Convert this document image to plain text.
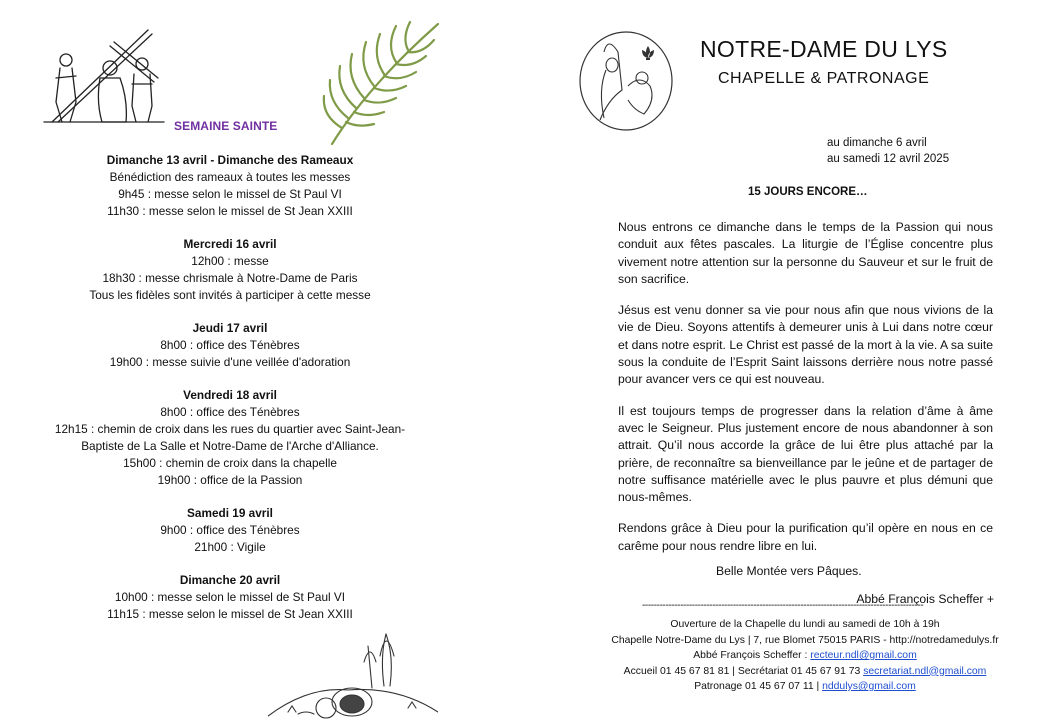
SEMAINE SAINTE
Dimanche 13 avril - Dimanche des Rameaux
Bénédiction des rameaux à toutes les messes
9h45 : messe selon le missel de St Paul VI
11h30 : messe selon le missel de St Jean XXIII
Mercredi 16 avril
12h00 : messe
18h30 : messe chrismale à Notre-Dame de Paris
Tous les fidèles sont invités à participer à cette messe
Jeudi 17 avril
8h00 : office des Ténèbres
19h00 : messe suivie d'une veillée d'adoration
Vendredi 18 avril
8h00 : office des Ténèbres
12h15 : chemin de croix dans les rues du quartier avec Saint-Jean-
Baptiste de La Salle et Notre-Dame de l'Arche d'Alliance.
15h00 : chemin de croix dans la chapelle
19h00 : office de la Passion
Samedi 19 avril
9h00 : office des Ténèbres
21h00 : Vigile
Dimanche 20 avril
10h00 : messe selon le missel de St Paul VI
11h15 : messe selon le missel de St Jean XXIII
NOTRE-DAME DU LYS
CHAPELLE & PATRONAGE
au dimanche 6 avril
au samedi 12 avril 2025
15 JOURS ENCORE…

Nous entrons ce dimanche dans le temps de la Passion qui nous conduit aux fêtes pascales. La liturgie de l’Église concentre plus vivement notre attention sur la personne du Sauveur et sur le fruit de son sacrifice.

Jésus est venu donner sa vie pour nous afin que nous vivions de la vie de Dieu. Soyons attentifs à demeurer unis à Lui dans notre cœur et dans notre esprit. Le Christ est passé de la mort à la vie. A sa suite sous la conduite de l’Esprit Saint laissons derrière nous notre passé pour avancer vers ce qui est nouveau.

Il est toujours temps de progresser dans la relation d’âme à âme avec le Seigneur. Plus justement encore de nous abandonner à son attrait. Qu’il nous accorde la grâce de lui être plus attaché par la prière, de reconnaître sa bienveillance par le jeûne et de partager de notre suffisance matérielle avec le plus pauvre et plus démuni que nous-mêmes.

Rendons grâce à Dieu pour la purification qu’il opère en nous en ce carême pour nous rendre libre en lui.

Belle Montée vers Pâques.
Abbé François Scheffer +
------------------------------------------------------------------------------------------------
Ouverture de la Chapelle du lundi au samedi de 10h à 19h
Chapelle Notre-Dame du Lys | 7, rue Blomet 75015 PARIS - http://notredamedulys.fr
Abbé François Scheffer : recteur.ndl@gmail.com
Accueil 01 45 67 81 81 | Secrétariat 01 45 67 91 73 secretariat.ndl@gmail.com
Patronage 01 45 67 07 11 | nddulys@gmail.com
